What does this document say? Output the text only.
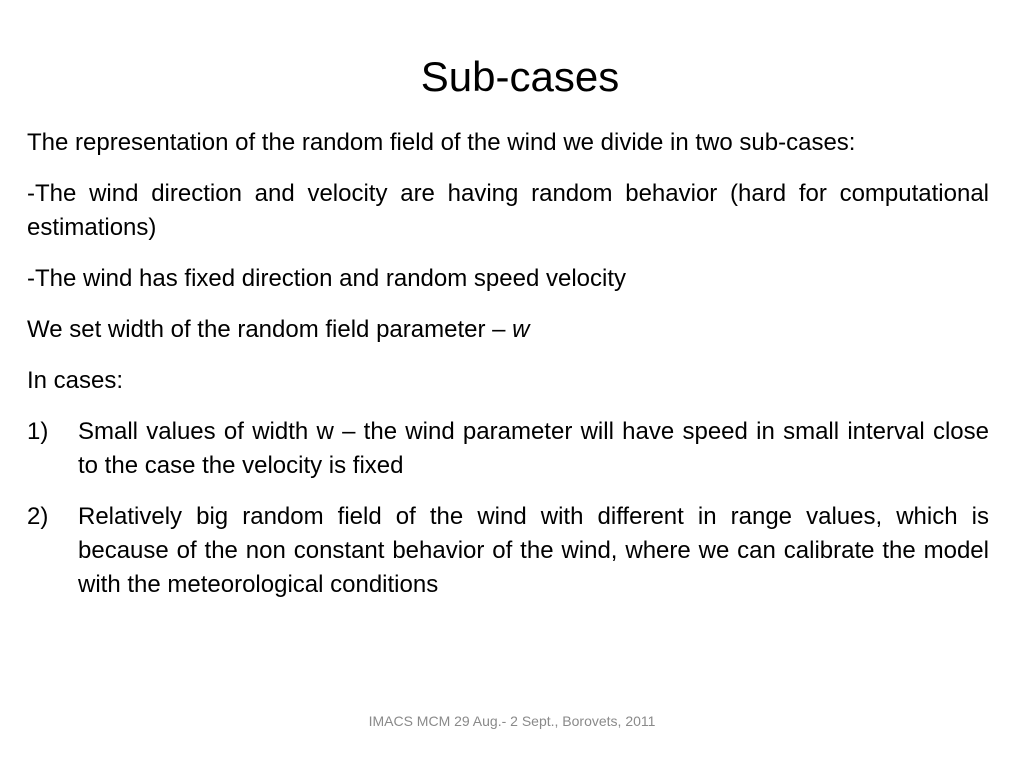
Sub-cases

The representation of the random field of the wind we divide in two sub-cases:

-The wind direction and velocity are having random behavior (hard for computational estimations)

-The wind has fixed direction and random speed velocity

We set width of the random field parameter – w

In cases:

1)	Small values of width w – the wind parameter will have speed in small interval close to the case the velocity is fixed
2)	Relatively big random field of the wind with different in range values, which is because of the non constant behavior of the wind, where we can calibrate the model with the meteorological conditions
IMACS MCM 29 Aug.- 2 Sept., Borovets, 2011
